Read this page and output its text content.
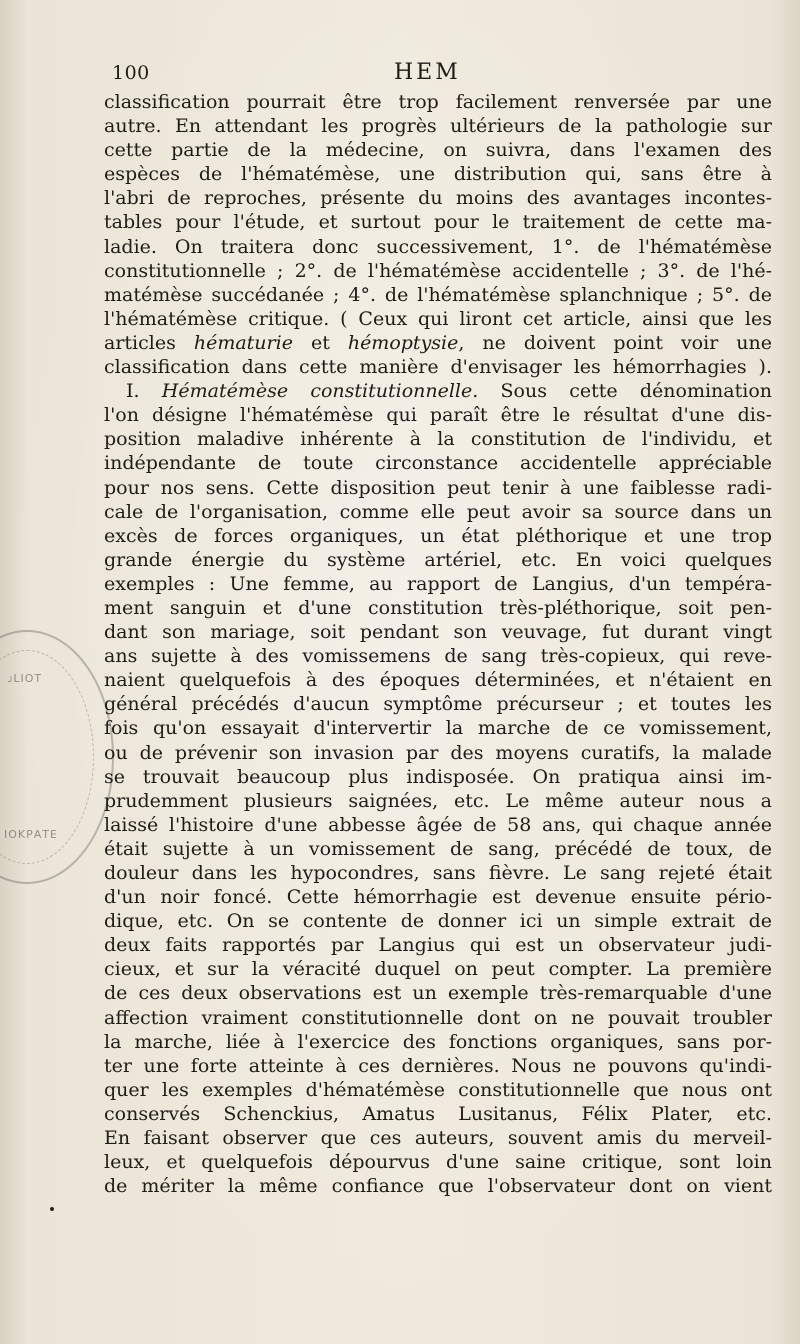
ᴊLΙΟΤ
ΙΟΚΡΑΤΕ
100	HEM
classification pourrait être trop facilement renversée par une
autre. En attendant les progrès ultérieurs de la pathologie sur
cette partie de la médecine, on suivra, dans l'examen des
espèces de l'hématémèse, une distribution qui, sans être à
l'abri de reproches, présente du moins des avantages incontes-
tables pour l'étude, et surtout pour le traitement de cette ma-
ladie. On traitera donc successivement, 1°. de l'hématémèse
constitutionnelle ; 2°. de l'hématémèse accidentelle ; 3°. de l'hé-
matémèse succédanée ; 4°. de l'hématémèse splanchnique ; 5°. de
l'hématémèse critique. ( Ceux qui liront cet article, ainsi que les
articles hématurie et hémoptysie, ne doivent point voir une
classification dans cette manière d'envisager les hémorrhagies ).
I. Hématémèse constitutionnelle. Sous cette dénomination
l'on désigne l'hématémèse qui paraît être le résultat d'une dis-
position maladive inhérente à la constitution de l'individu, et
indépendante de toute circonstance accidentelle appréciable
pour nos sens. Cette disposition peut tenir à une faiblesse radi-
cale de l'organisation, comme elle peut avoir sa source dans un
excès de forces organiques, un état pléthorique et une trop
grande énergie du système artériel, etc. En voici quelques
exemples : Une femme, au rapport de Langius, d'un tempéra-
ment sanguin et d'une constitution très-pléthorique, soit pen-
dant son mariage, soit pendant son veuvage, fut durant vingt
ans sujette à des vomissemens de sang très-copieux, qui reve-
naient quelquefois à des époques déterminées, et n'étaient en
général précédés d'aucun symptôme précurseur ; et toutes les
fois qu'on essayait d'intervertir la marche de ce vomissement,
ou de prévenir son invasion par des moyens curatifs, la malade
se trouvait beaucoup plus indisposée. On pratiqua ainsi im-
prudemment plusieurs saignées, etc. Le même auteur nous a
laissé l'histoire d'une abbesse âgée de 58 ans, qui chaque année
était sujette à un vomissement de sang, précédé de toux, de
douleur dans les hypocondres, sans fièvre. Le sang rejeté était
d'un noir foncé. Cette hémorrhagie est devenue ensuite pério-
dique, etc. On se contente de donner ici un simple extrait de
deux faits rapportés par Langius qui est un observateur judi-
cieux, et sur la véracité duquel on peut compter. La première
de ces deux observations est un exemple très-remarquable d'une
affection vraiment constitutionnelle dont on ne pouvait troubler
la marche, liée à l'exercice des fonctions organiques, sans por-
ter une forte atteinte à ces dernières. Nous ne pouvons qu'indi-
quer les exemples d'hématémèse constitutionnelle que nous ont
conservés Schenckius, Amatus Lusitanus, Félix Plater, etc.
En faisant observer que ces auteurs, souvent amis du merveil-
leux, et quelquefois dépourvus d'une saine critique, sont loin
de mériter la même confiance que l'observateur dont on vient
